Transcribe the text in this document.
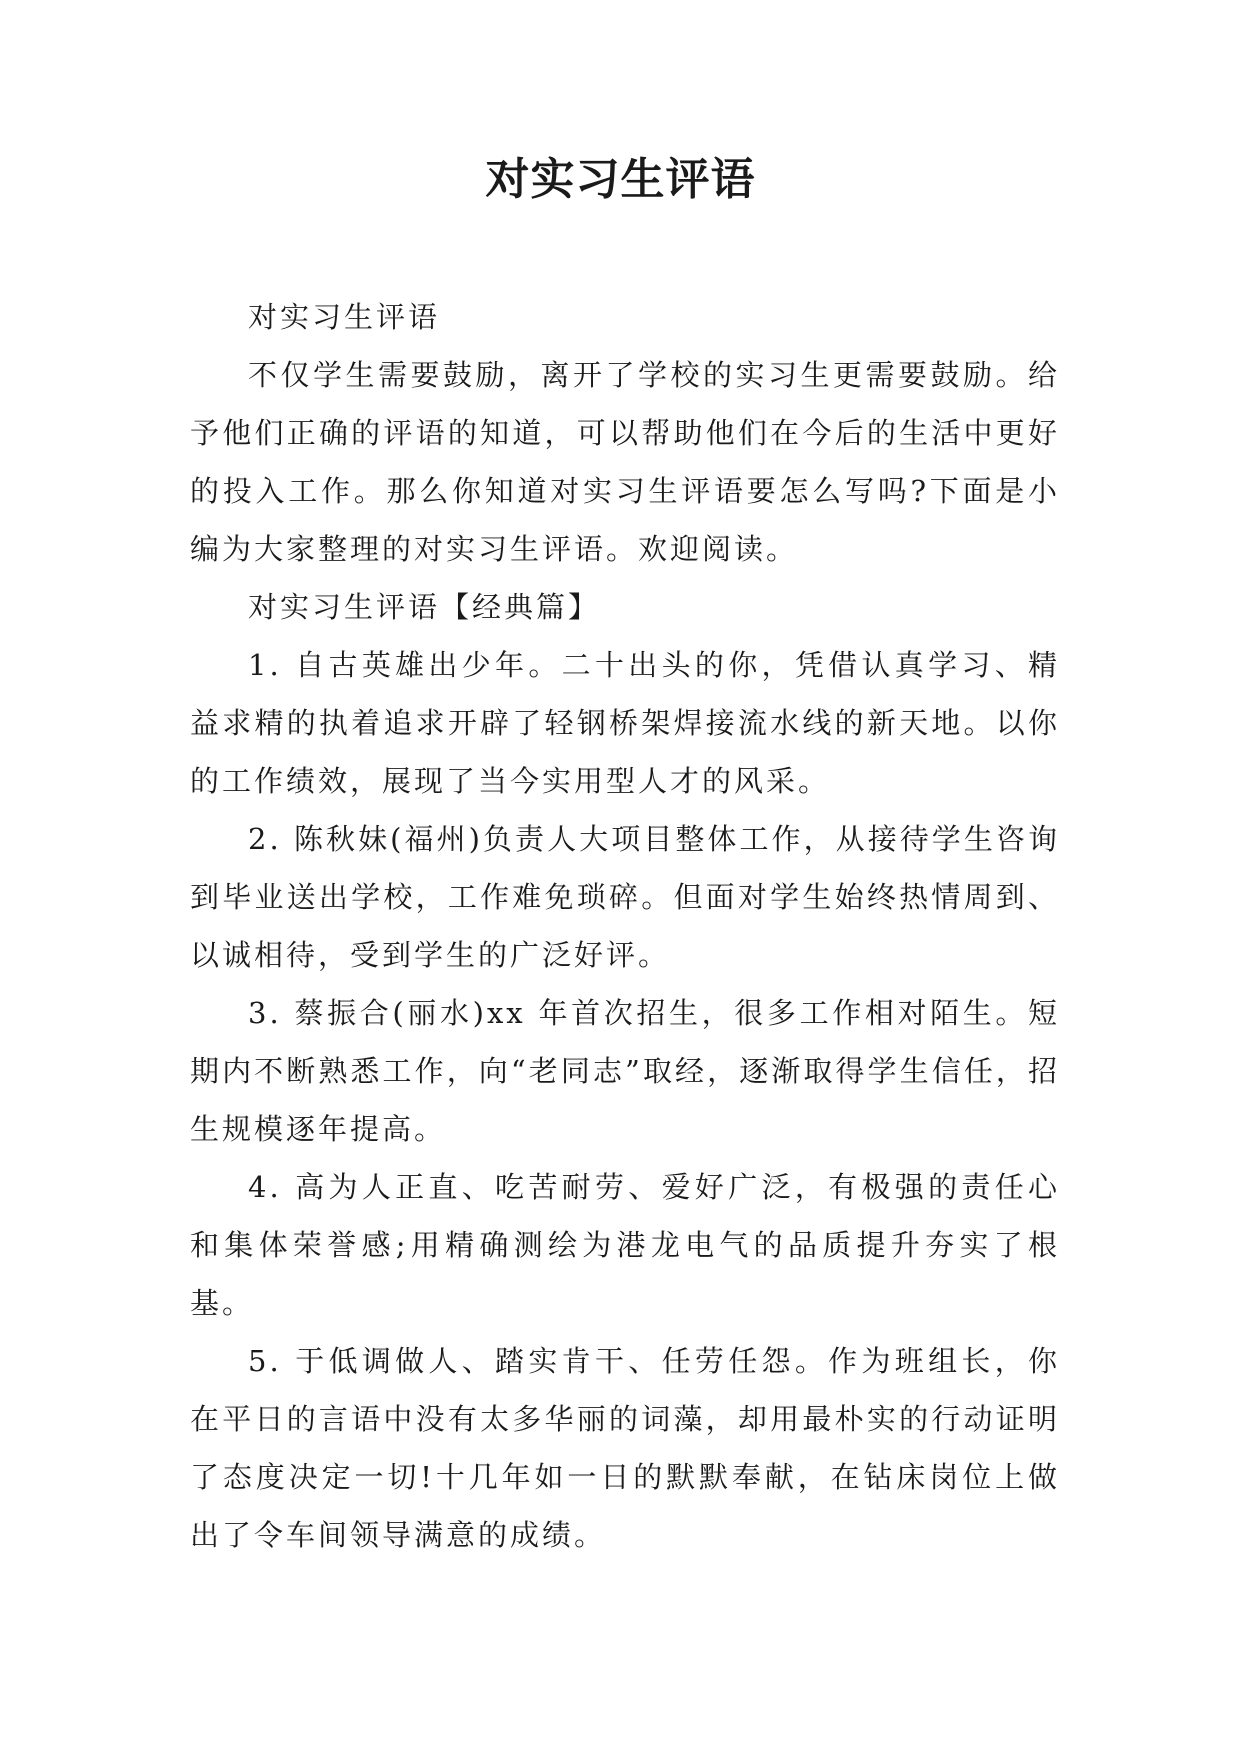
对实习生评语

对实习生评语

不仅学生需要鼓励，离开了学校的实习生更需要鼓励。给予他们正确的评语的知道，可以帮助他们在今后的生活中更好的投入工作。那么你知道对实习生评语要怎么写吗?下面是小编为大家整理的对实习生评语。欢迎阅读。

对实习生评语【经典篇】

1. 自古英雄出少年。二十出头的你，凭借认真学习、精益求精的执着追求开辟了轻钢桥架焊接流水线的新天地。以你的工作绩效，展现了当今实用型人才的风采。

2. 陈秋妹(福州)负责人大项目整体工作，从接待学生咨询到毕业送出学校，工作难免琐碎。但面对学生始终热情周到、以诚相待，受到学生的广泛好评。

3. 蔡振合(丽水)xx 年首次招生，很多工作相对陌生。短期内不断熟悉工作，向“老同志”取经，逐渐取得学生信任，招生规模逐年提高。

4. 高为人正直、吃苦耐劳、爱好广泛，有极强的责任心和集体荣誉感;用精确测绘为港龙电气的品质提升夯实了根基。

5. 于低调做人、踏实肯干、任劳任怨。作为班组长，你在平日的言语中没有太多华丽的词藻，却用最朴实的行动证明了态度决定一切!十几年如一日的默默奉献，在钻床岗位上做出了令车间领导满意的成绩。
